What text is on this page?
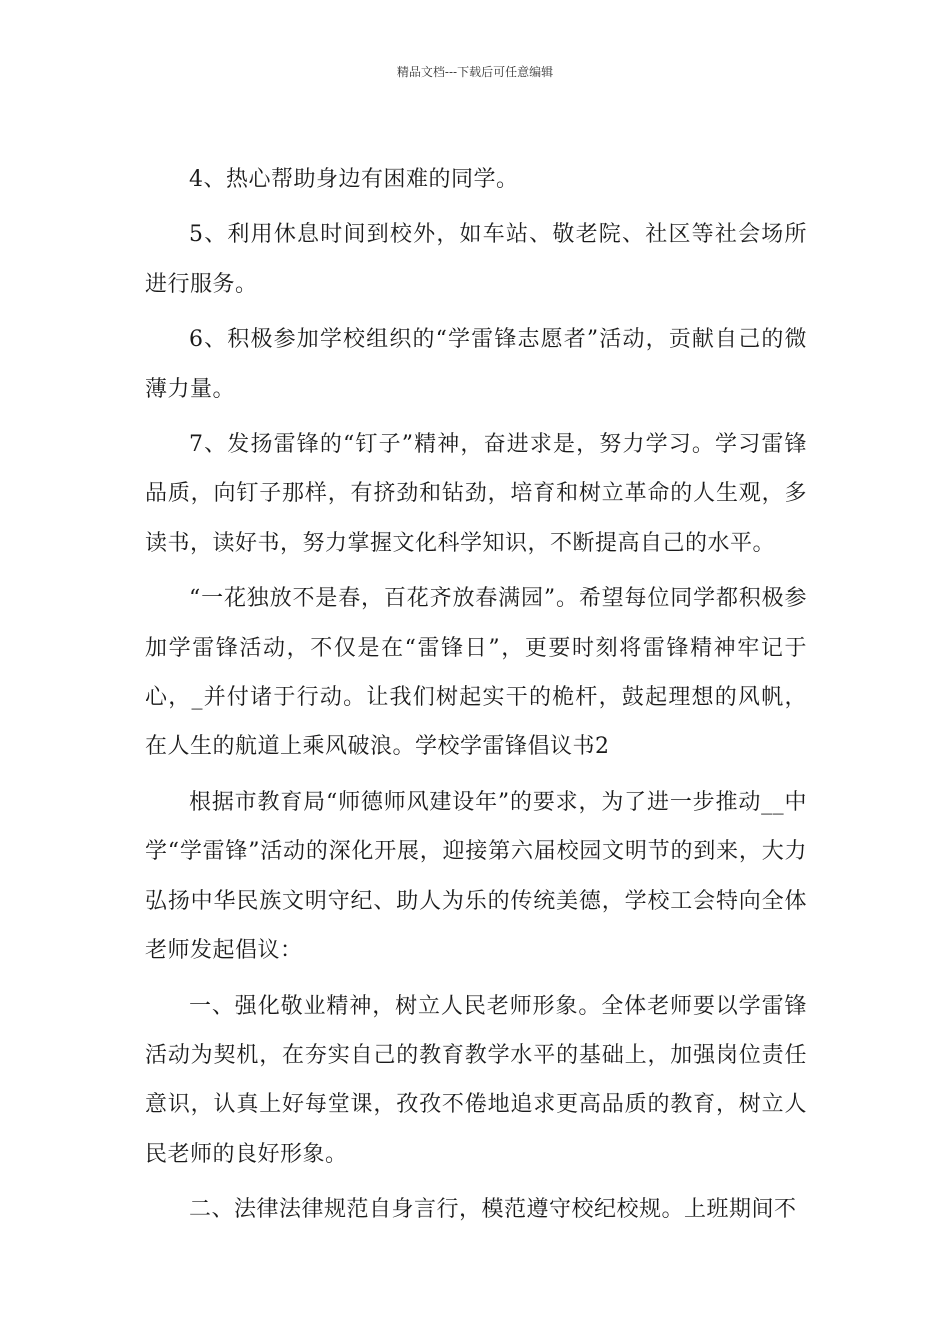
精品文档---下载后可任意编辑

4、热心帮助身边有困难的同学。

5、利用休息时间到校外，如车站、敬老院、社区等社会场所进行服务。

6、积极参加学校组织的“学雷锋志愿者”活动，贡献自己的微薄力量。

7、发扬雷锋的“钉子”精神，奋进求是，努力学习。学习雷锋品质，向钉子那样，有挤劲和钻劲，培育和树立革命的人生观，多读书，读好书，努力掌握文化科学知识，不断提高自己的水平。

“一花独放不是春，百花齐放春满园”。希望每位同学都积极参加学雷锋活动，不仅是在“雷锋日”，更要时刻将雷锋精神牢记于心，_并付诸于行动。让我们树起实干的桅杆，鼓起理想的风帆，在人生的航道上乘风破浪。学校学雷锋倡议书2

根据市教育局“师德师风建设年”的要求，为了进一步推动__中学“学雷锋”活动的深化开展，迎接第六届校园文明节的到来，大力弘扬中华民族文明守纪、助人为乐的传统美德，学校工会特向全体老师发起倡议：

一、强化敬业精神，树立人民老师形象。全体老师要以学雷锋活动为契机，在夯实自己的教育教学水平的基础上，加强岗位责任意识，认真上好每堂课，孜孜不倦地追求更高品质的教育，树立人民老师的良好形象。

二、法律法律规范自身言行，模范遵守校纪校规。上班期间不
